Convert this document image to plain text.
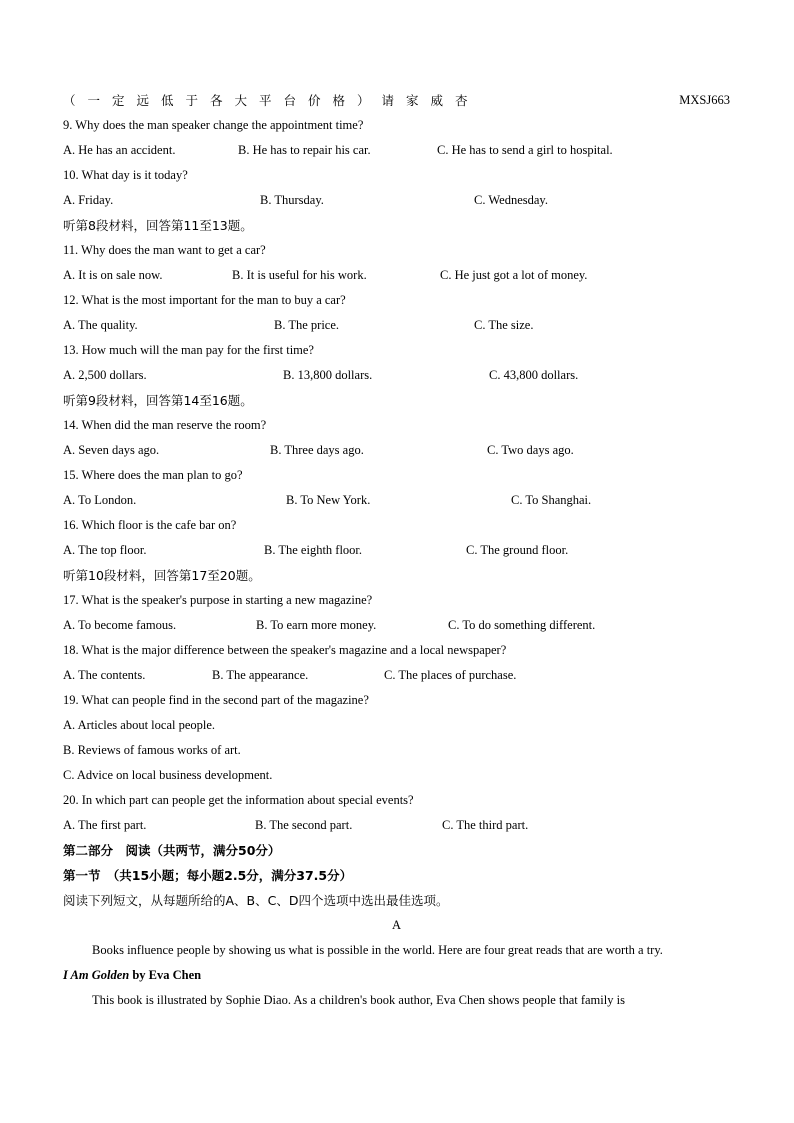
（一定远低于各大平台价格）请家威杏	MXSJ663
9. Why does the man speaker change the appointment time?
A. He has an accident.	B. He has to repair his car.	C. He has to send a girl to hospital.
10. What day is it today?
A. Friday.	B. Thursday.	C. Wednesday.
听第8段材料，回答第11至13题。
11. Why does the man want to get a car?
A. It is on sale now.	B. It is useful for his work.	C. He just got a lot of money.
12. What is the most important for the man to buy a car?
A. The quality.	B. The price.	C. The size.
13. How much will the man pay for the first time?
A. 2,500 dollars.	B. 13,800 dollars.	C. 43,800 dollars.
听第9段材料，回答第14至16题。
14. When did the man reserve the room?
A. Seven days ago.	B. Three days ago.	C. Two days ago.
15. Where does the man plan to go?
A. To London.	B. To New York.	C. To Shanghai.
16. Which floor is the cafe bar on?
A. The top floor.	B. The eighth floor.	C. The ground floor.
听第10段材料，回答第17至20题。
17. What is the speaker's purpose in starting a new magazine?
A. To become famous.	B. To earn more money.	C. To do something different.
18. What is the major difference between the speaker's magazine and a local newspaper?
A. The contents.	B. The appearance.	C. The places of purchase.
19. What can people find in the second part of the magazine?
A. Articles about local people.
B. Reviews of famous works of art.
C. Advice on local business development.
20. In which part can people get the information about special events?
A. The first part.	B. The second part.	C. The third part.
第二部分　阅读（共两节，满分50分）
第一节　（共15小题；每小题2.5分，满分37.5分）
阅读下列短文，从每题所给的A、B、C、D四个选项中选出最佳选项。
A
Books influence people by showing us what is possible in the world. Here are four great reads that are worth a try.
I Am Golden by Eva Chen
This book is illustrated by Sophie Diao. As a children's book author, Eva Chen shows people that family is
